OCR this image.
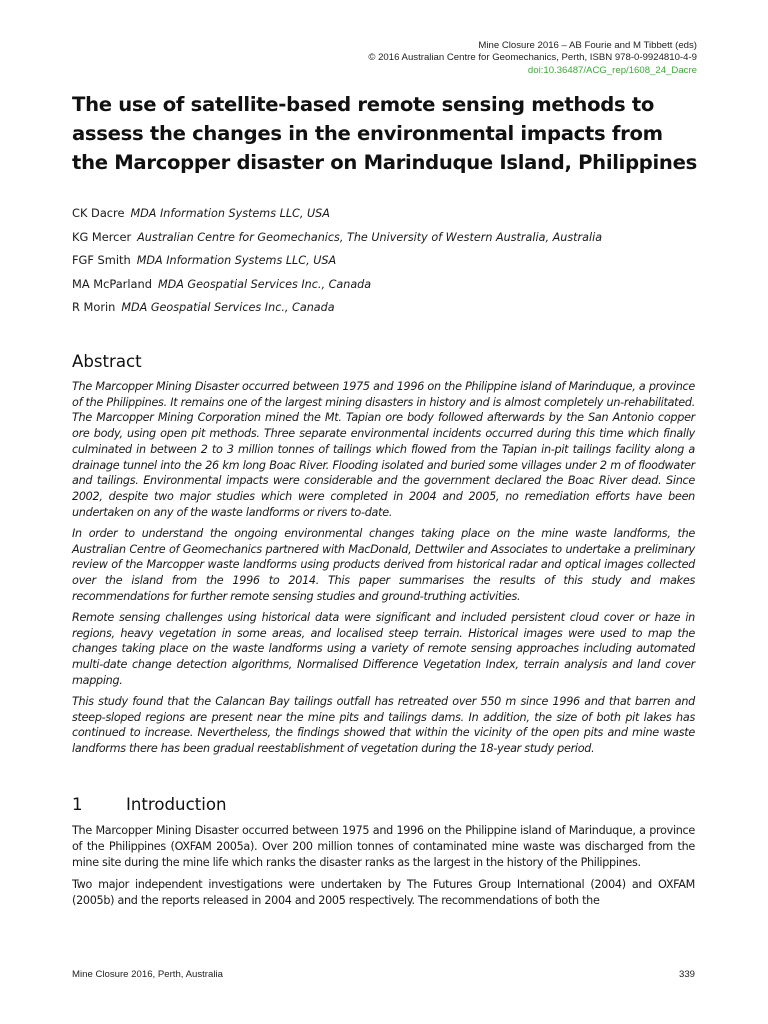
Mine Closure 2016 – AB Fourie and M Tibbett (eds)
© 2016 Australian Centre for Geomechanics, Perth, ISBN 978-0-9924810-4-9
doi:10.36487/ACG_rep/1608_24_Dacre
The use of satellite-based remote sensing methods to assess the changes in the environmental impacts from the Marcopper disaster on Marinduque Island, Philippines
CK Dacre MDA Information Systems LLC, USA
KG Mercer Australian Centre for Geomechanics, The University of Western Australia, Australia
FGF Smith MDA Information Systems LLC, USA
MA McParland MDA Geospatial Services Inc., Canada
R Morin MDA Geospatial Services Inc., Canada
Abstract

The Marcopper Mining Disaster occurred between 1975 and 1996 on the Philippine island of Marinduque, a province of the Philippines. It remains one of the largest mining disasters in history and is almost completely un-rehabilitated. The Marcopper Mining Corporation mined the Mt. Tapian ore body followed afterwards by the San Antonio copper ore body, using open pit methods. Three separate environmental incidents occurred during this time which finally culminated in between 2 to 3 million tonnes of tailings which flowed from the Tapian in-pit tailings facility along a drainage tunnel into the 26 km long Boac River. Flooding isolated and buried some villages under 2 m of floodwater and tailings. Environmental impacts were considerable and the government declared the Boac River dead. Since 2002, despite two major studies which were completed in 2004 and 2005, no remediation efforts have been undertaken on any of the waste landforms or rivers to-date.

In order to understand the ongoing environmental changes taking place on the mine waste landforms, the Australian Centre of Geomechanics partnered with MacDonald, Dettwiler and Associates to undertake a preliminary review of the Marcopper waste landforms using products derived from historical radar and optical images collected over the island from the 1996 to 2014. This paper summarises the results of this study and makes recommendations for further remote sensing studies and ground-truthing activities.

Remote sensing challenges using historical data were significant and included persistent cloud cover or haze in regions, heavy vegetation in some areas, and localised steep terrain. Historical images were used to map the changes taking place on the waste landforms using a variety of remote sensing approaches including automated multi-date change detection algorithms, Normalised Difference Vegetation Index, terrain analysis and land cover mapping.

This study found that the Calancan Bay tailings outfall has retreated over 550 m since 1996 and that barren and steep-sloped regions are present near the mine pits and tailings dams. In addition, the size of both pit lakes has continued to increase. Nevertheless, the findings showed that within the vicinity of the open pits and mine waste landforms there has been gradual reestablishment of vegetation during the 18-year study period.

1	Introduction

The Marcopper Mining Disaster occurred between 1975 and 1996 on the Philippine island of Marinduque, a province of the Philippines (OXFAM 2005a). Over 200 million tonnes of contaminated mine waste was discharged from the mine site during the mine life which ranks the disaster ranks as the largest in the history of the Philippines.

Two major independent investigations were undertaken by The Futures Group International (2004) and OXFAM (2005b) and the reports released in 2004 and 2005 respectively. The recommendations of both the

Mine Closure 2016, Perth, Australia	339
